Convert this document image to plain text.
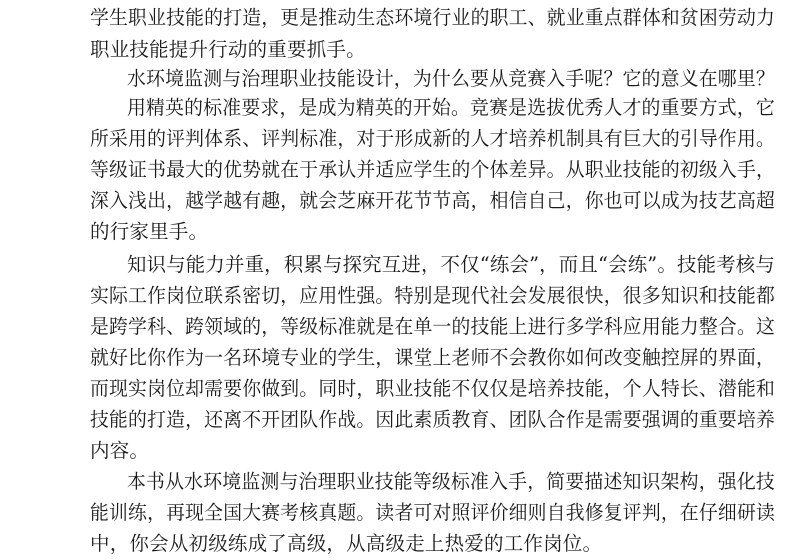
学生职业技能的打造，更是推动生态环境行业的职工、就业重点群体和贫困劳动力
职业技能提升行动的重要抓手。
水环境监测与治理职业技能设计，为什么要从竞赛入手呢？它的意义在哪里？
用精英的标准要求，是成为精英的开始。竞赛是选拔优秀人才的重要方式，它
所采用的评判体系、评判标准，对于形成新的人才培养机制具有巨大的引导作用。
等级证书最大的优势就在于承认并适应学生的个体差异。从职业技能的初级入手，
深入浅出，越学越有趣，就会芝麻开花节节高，相信自己，你也可以成为技艺高超
的行家里手。
知识与能力并重，积累与探究互进，不仅“练会”，而且“会练”。技能考核与
实际工作岗位联系密切，应用性强。特别是现代社会发展很快，很多知识和技能都
是跨学科、跨领域的，等级标准就是在单一的技能上进行多学科应用能力整合。这
就好比你作为一名环境专业的学生，课堂上老师不会教你如何改变触控屏的界面，
而现实岗位却需要你做到。同时，职业技能不仅仅是培养技能，个人特长、潜能和
技能的打造，还离不开团队作战。因此素质教育、团队合作是需要强调的重要培养
内容。
本书从水环境监测与治理职业技能等级标准入手，简要描述知识架构，强化技
能训练，再现全国大赛考核真题。读者可对照评价细则自我修复评判，在仔细研读
中，你会从初级练成了高级，从高级走上热爱的工作岗位。
